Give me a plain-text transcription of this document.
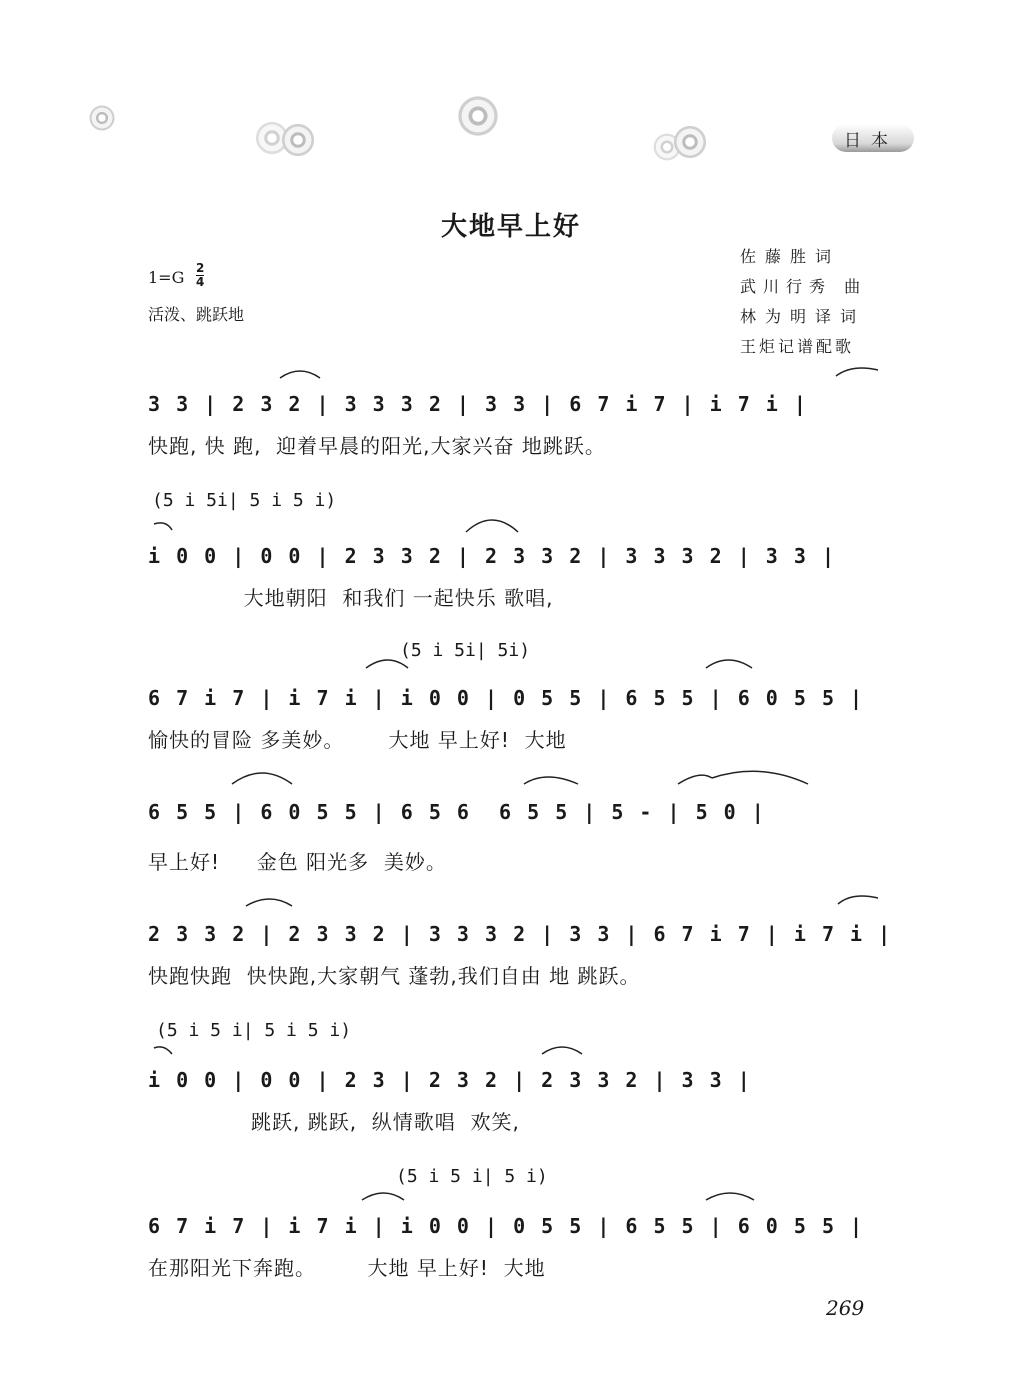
日本
大地早上好
佐藤胜词
武川行秀 曲
林为明译词
王炬记谱配歌
$1=G \frac{2}{4}$
活泼、跳跃地
3 3 | 2 3 2 | 3 3 3 2 | 3 3 | 6 7 i 7 | i 7 i |
快跑, 快 跑,  迎着早晨的阳光,大家兴奋 地跳跃。
(5 i 5i| 5 i 5 i)
i 0 0 | 0 0 | 2 3 3 2 | 2 3 3 2 | 3 3 3 2 | 3 3 |
大地朝阳  和我们 一起快乐 歌唱,
(5 i 5i| 5i)
6 7 i 7 | i 7 i | i 0 0 | 0 5 5 | 6 5 5 | 6 0 5 5 |
愉快的冒险 多美妙。      大地 早上好!  大地
6 5 5 | 6 0 5 5 | 6 5 6  6 5 5 | 5 - | 5 0 |
早上好!     金色 阳光多  美妙。
2 3 3 2 | 2 3 3 2 | 3 3 3 2 | 3 3 | 6 7 i 7 | i 7 i |
快跑快跑  快快跑,大家朝气 蓬勃,我们自由 地 跳跃。
(5 i 5 i| 5 i 5 i)
i 0 0 | 0 0 | 2 3 | 2 3 2 | 2 3 3 2 | 3 3 |
跳跃, 跳跃,  纵情歌唱  欢笑,
(5 i 5 i| 5 i)
6 7 i 7 | i 7 i | i 0 0 | 0 5 5 | 6 5 5 | 6 0 5 5 |
在那阳光下奔跑。       大地 早上好!  大地
269
